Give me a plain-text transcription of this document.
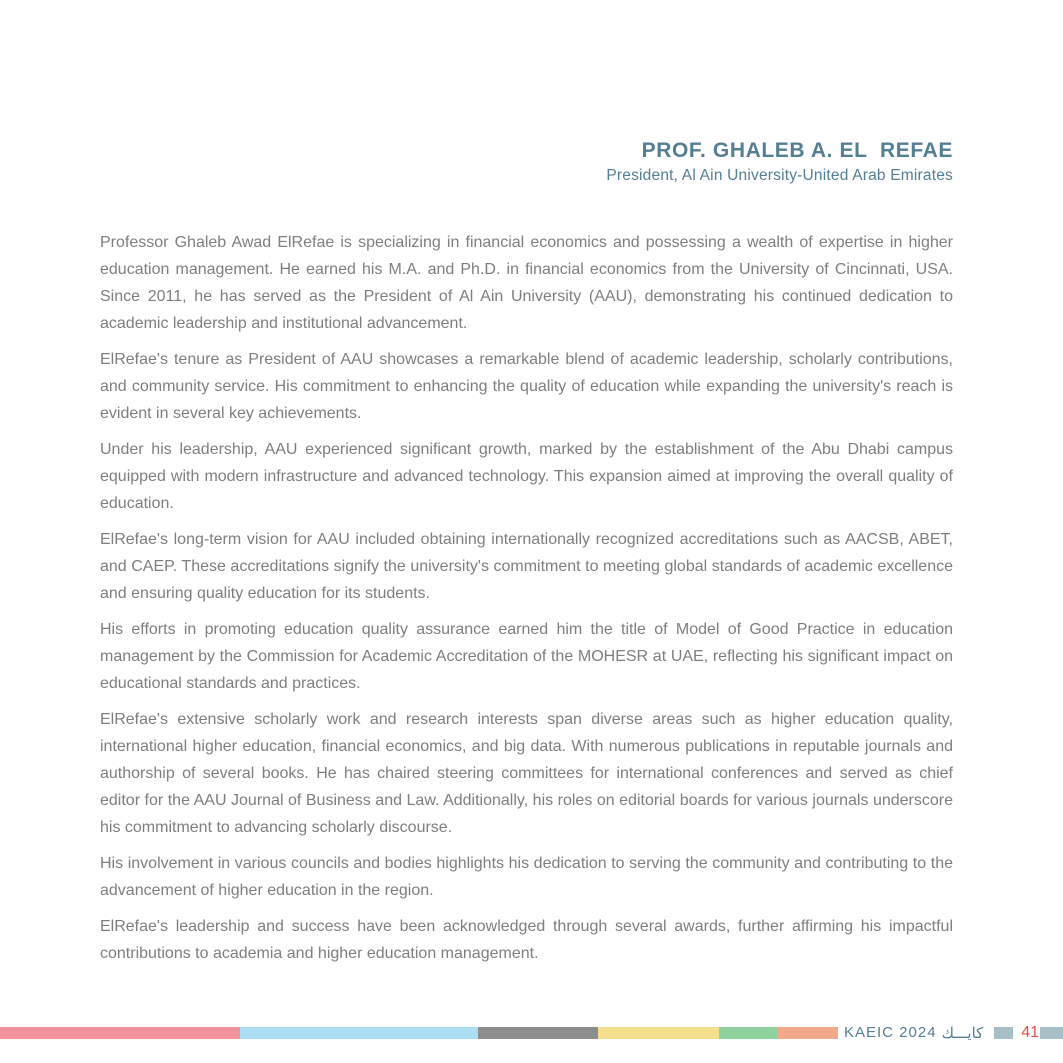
PROF. GHALEB A. EL  REFAE
President, Al Ain University-United Arab Emirates

Professor Ghaleb Awad ElRefae is specializing in financial economics and possessing a wealth of expertise in higher education management. He earned his M.A. and Ph.D. in financial economics from the University of Cincinnati, USA. Since 2011, he has served as the President of Al Ain University (AAU), demonstrating his continued dedication to academic leadership and institutional advancement.

ElRefae's tenure as President of AAU showcases a remarkable blend of academic leadership, scholarly contributions, and community service. His commitment to enhancing the quality of education while expanding the university's reach is evident in several key achievements.

Under his leadership, AAU experienced significant growth, marked by the establishment of the Abu Dhabi campus equipped with modern infrastructure and advanced technology. This expansion aimed at improving the overall quality of education.

ElRefae's long-term vision for AAU included obtaining internationally recognized accreditations such as AACSB, ABET, and CAEP. These accreditations signify the university's commitment to meeting global standards of academic excellence and ensuring quality education for its students.

His efforts in promoting education quality assurance earned him the title of Model of Good Practice in education management by the Commission for Academic Accreditation of the MOHESR at UAE, reflecting his significant impact on educational standards and practices.

ElRefae's extensive scholarly work and research interests span diverse areas such as higher education quality, international higher education, financial economics, and big data. With numerous publications in reputable journals and authorship of several books. He has chaired steering committees for international conferences and served as chief editor for the AAU Journal of Business and Law. Additionally, his roles on editorial boards for various journals underscore his commitment to advancing scholarly discourse.

His involvement in various councils and bodies highlights his dedication to serving the community and contributing to the advancement of higher education in the region.

ElRefae's leadership and success have been acknowledged through several awards, further affirming his impactful contributions to academia and higher education management.

KAEIC 2024 كايـــك 41
